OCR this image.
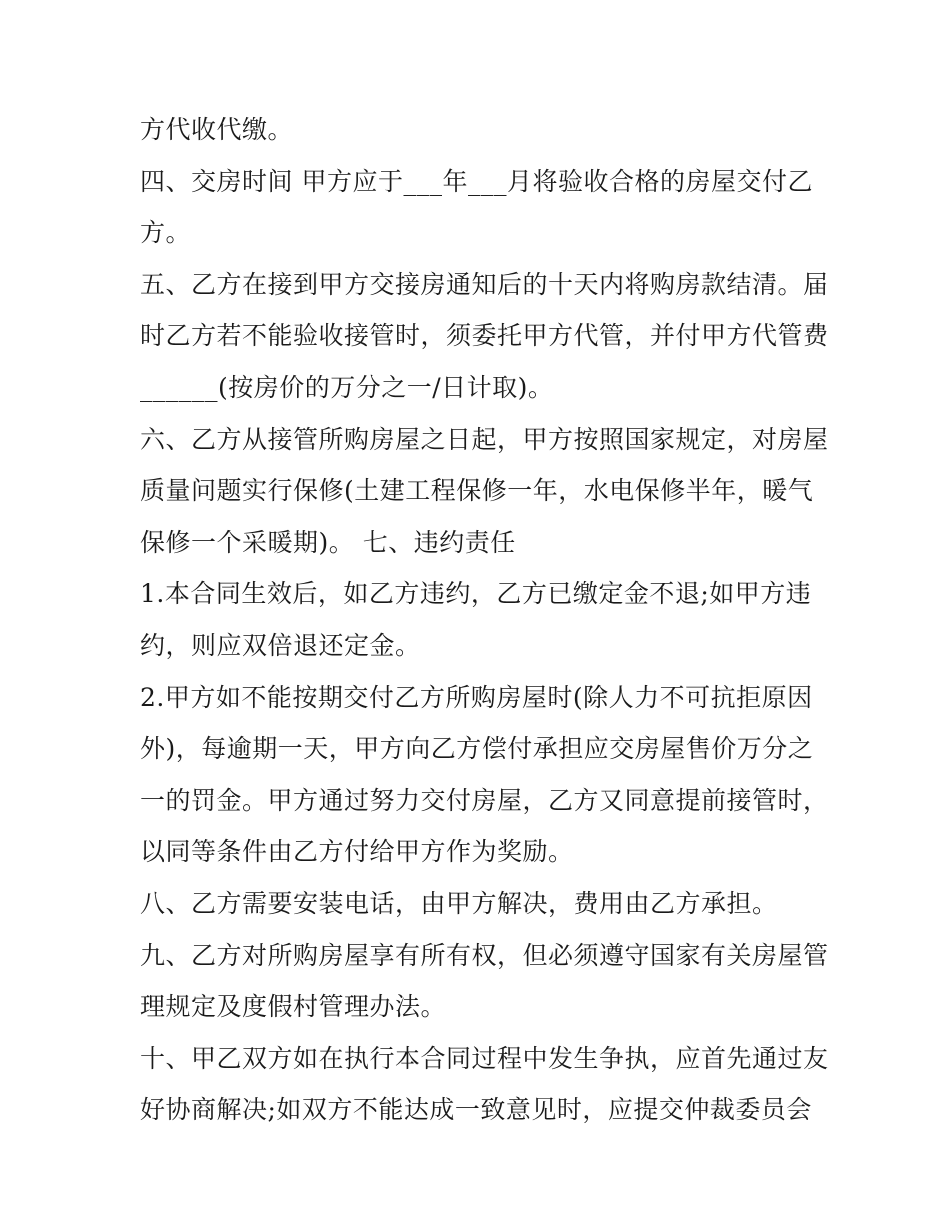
方代收代缴。
四、交房时间 甲方应于___年___月将验收合格的房屋交付乙
方。
五、乙方在接到甲方交接房通知后的十天内将购房款结清。届
时乙方若不能验收接管时，须委托甲方代管，并付甲方代管费
______(按房价的万分之一/日计取)。
六、乙方从接管所购房屋之日起，甲方按照国家规定，对房屋
质量问题实行保修(土建工程保修一年，水电保修半年，暖气
保修一个采暖期)。 七、违约责任
1.本合同生效后，如乙方违约，乙方已缴定金不退;如甲方违
约，则应双倍退还定金。
2.甲方如不能按期交付乙方所购房屋时(除人力不可抗拒原因
外)，每逾期一天，甲方向乙方偿付承担应交房屋售价万分之
一的罚金。甲方通过努力交付房屋，乙方又同意提前接管时，
以同等条件由乙方付给甲方作为奖励。
八、乙方需要安装电话，由甲方解决，费用由乙方承担。
九、乙方对所购房屋享有所有权，但必须遵守国家有关房屋管
理规定及度假村管理办法。
十、甲乙双方如在执行本合同过程中发生争执，应首先通过友
好协商解决;如双方不能达成一致意见时，应提交仲裁委员会
